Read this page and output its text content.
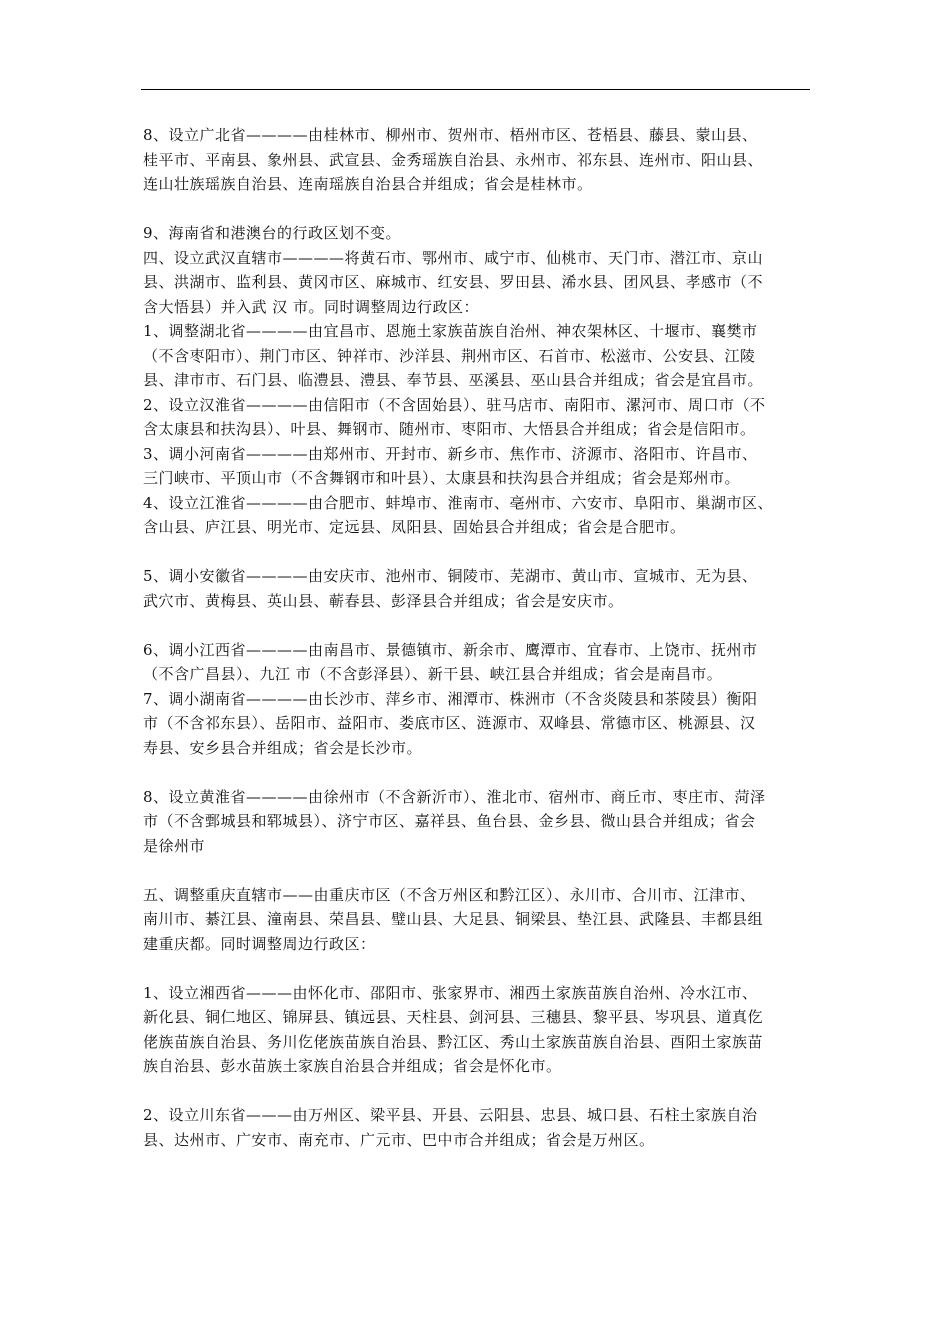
8、设立广北省————由桂林市、柳州市、贺州市、梧州市区、苍梧县、藤县、蒙山县、
桂平市、平南县、象州县、武宣县、金秀瑶族自治县、永州市、祁东县、连州市、阳山县、
连山壮族瑶族自治县、连南瑶族自治县合并组成；省会是桂林市。
9、海南省和港澳台的行政区划不变。
四、设立武汉直辖市————将黄石市、鄂州市、咸宁市、仙桃市、天门市、潜江市、京山
县、洪湖市、监利县、黄冈市区、麻城市、红安县、罗田县、浠水县、团风县、孝感市（不
含大悟县）并入武 汉 市。同时调整周边行政区：
1、调整湖北省————由宜昌市、恩施土家族苗族自治州、神农架林区、十堰市、襄樊市
（不含枣阳市）、荆门市区、钟祥市、沙洋县、荆州市区、石首市、松滋市、公安县、江陵
县、津市市、石门县、临澧县、澧县、奉节县、巫溪县、巫山县合并组成；省会是宜昌市。
2、设立汉淮省————由信阳市（不含固始县）、驻马店市、南阳市、漯河市、周口市（不
含太康县和扶沟县）、叶县、舞钢市、随州市、枣阳市、大悟县合并组成；省会是信阳市。
3、调小河南省————由郑州市、开封市、新乡市、焦作市、济源市、洛阳市、许昌市、
三门峡市、平顶山市（不含舞钢市和叶县）、太康县和扶沟县合并组成；省会是郑州市。
4、设立江淮省————由合肥市、蚌埠市、淮南市、亳州市、六安市、阜阳市、巢湖市区、
含山县、庐江县、明光市、定远县、凤阳县、固始县合并组成；省会是合肥市。
5、调小安徽省————由安庆市、池州市、铜陵市、芜湖市、黄山市、宣城市、无为县、
武穴市、黄梅县、英山县、蕲春县、彭泽县合并组成；省会是安庆市。
6、调小江西省————由南昌市、景德镇市、新余市、鹰潭市、宜春市、上饶市、抚州市
（不含广昌县）、九江 市（不含彭泽县）、新干县、峡江县合并组成；省会是南昌市。
7、调小湖南省————由长沙市、萍乡市、湘潭市、株洲市（不含炎陵县和茶陵县）衡阳
市（不含祁东县）、岳阳市、益阳市、娄底市区、涟源市、双峰县、常德市区、桃源县、汉
寿县、安乡县合并组成；省会是长沙市。
8、设立黄淮省————由徐州市（不含新沂市）、淮北市、宿州市、商丘市、枣庄市、菏泽
市（不含鄄城县和郓城县）、济宁市区、嘉祥县、鱼台县、金乡县、微山县合并组成；省会
是徐州市
五、调整重庆直辖市——由重庆市区（不含万州区和黔江区）、永川市、合川市、江津市、
南川市、綦江县、潼南县、荣昌县、璧山县、大足县、铜梁县、垫江县、武隆县、丰都县组
建重庆都。同时调整周边行政区：
1、设立湘西省———由怀化市、邵阳市、张家界市、湘西土家族苗族自治州、冷水江市、
新化县、铜仁地区、锦屏县、镇远县、天柱县、剑河县、三穗县、黎平县、岑巩县、道真仡
佬族苗族自治县、务川仡佬族苗族自治县、黔江区、秀山土家族苗族自治县、酉阳土家族苗
族自治县、彭水苗族土家族自治县合并组成；省会是怀化市。
2、设立川东省———由万州区、梁平县、开县、云阳县、忠县、城口县、石柱土家族自治
县、达州市、广安市、南充市、广元市、巴中市合并组成；省会是万州区。
